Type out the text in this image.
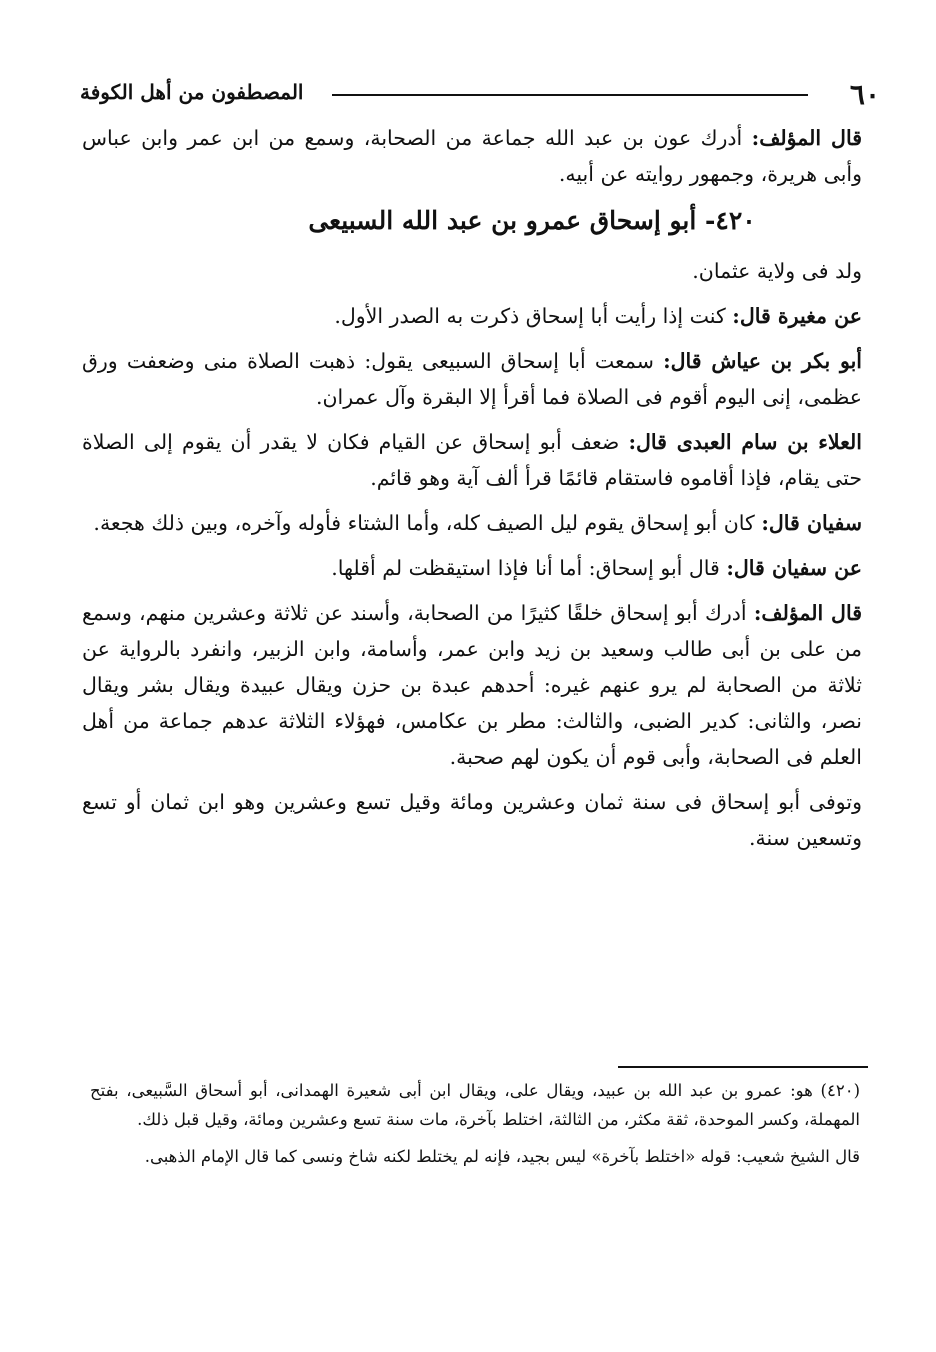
٦٠
المصطفون من أهل الكوفة

قال المؤلف: أدرك عون بن عبد الله جماعة من الصحابة، وسمع من ابن عمر وابن عباس وأبى هريرة، وجمهور روايته عن أبيه.

٤٢٠- أبو إسحاق عمرو بن عبد الله السبيعى

ولد فى ولاية عثمان.

عن مغيرة قال: كنت إذا رأيت أبا إسحاق ذكرت به الصدر الأول.

أبو بكر بن عياش قال: سمعت أبا إسحاق السبيعى يقول: ذهبت الصلاة منى وضعفت ورق عظمى، إنى اليوم أقوم فى الصلاة فما أقرأ إلا البقرة وآل عمران.

العلاء بن سام العبدى قال: ضعف أبو إسحاق عن القيام فكان لا يقدر أن يقوم إلى الصلاة حتى يقام، فإذا أقاموه فاستقام قائمًا قرأ ألف آية وهو قائم.

سفيان قال: كان أبو إسحاق يقوم ليل الصيف كله، وأما الشتاء فأوله وآخره، وبين ذلك هجعة.

عن سفيان قال: قال أبو إسحاق: أما أنا فإذا استيقظت لم أقلها.

قال المؤلف: أدرك أبو إسحاق خلقًا كثيرًا من الصحابة، وأسند عن ثلاثة وعشرين منهم، وسمع من على بن أبى طالب وسعيد بن زيد وابن عمر، وأسامة، وابن الزبير، وانفرد بالرواية عن ثلاثة من الصحابة لم يرو عنهم غيره: أحدهم عبدة بن حزن ويقال عبيدة ويقال بشر ويقال نصر، والثانى: كدير الضبى، والثالث: مطر بن عكامس، فهؤلاء الثلاثة عدهم جماعة من أهل العلم فى الصحابة، وأبى قوم أن يكون لهم صحبة.

وتوفى أبو إسحاق فى سنة ثمان وعشرين ومائة وقيل تسع وعشرين وهو ابن ثمان أو تسع وتسعين سنة.

(٤٢٠) هو: عمرو بن عبد الله بن عبيد، ويقال على، ويقال ابن أبى شعيرة الهمدانى، أبو أسحاق السَّبيعى، بفتح المهملة، وكسر الموحدة، ثقة مكثر، من الثالثة، اختلط بآخرة، مات سنة تسع وعشرين ومائة، وقيل قبل ذلك.

قال الشيخ شعيب: قوله «اختلط بآخرة» ليس بجيد، فإنه لم يختلط لكنه شاخ ونسى كما قال الإمام الذهبى.
